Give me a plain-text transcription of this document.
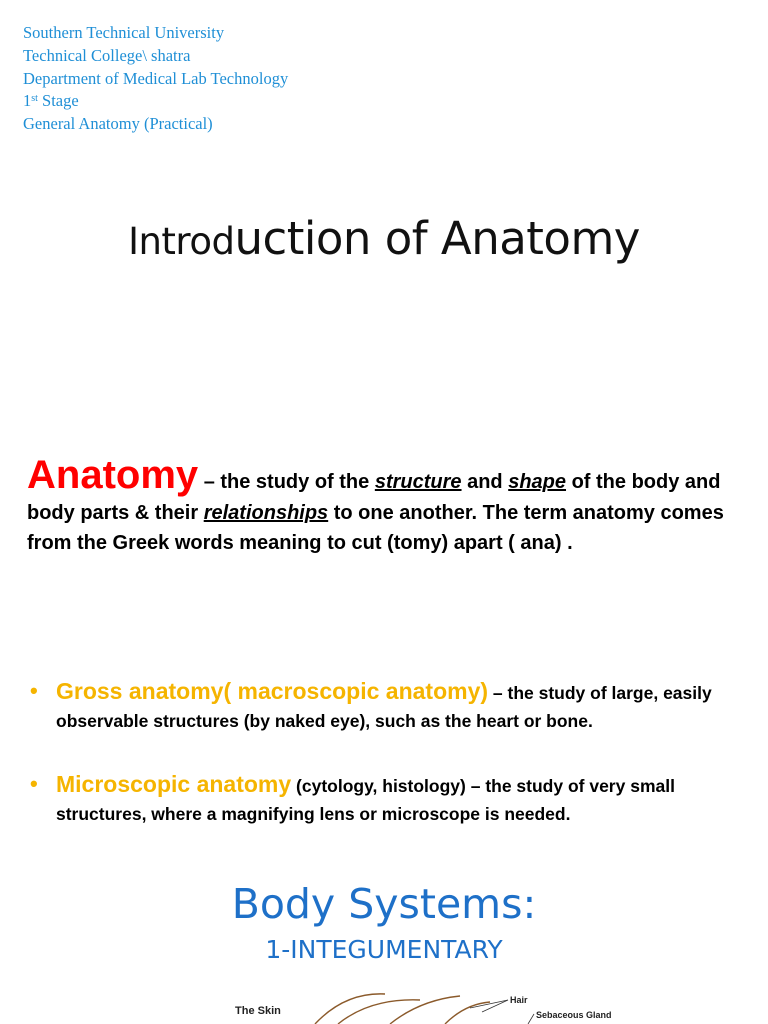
Southern Technical University
Technical College\ shatra
Department of Medical Lab Technology
1st Stage
General Anatomy (Practical)
Introduction of Anatomy
Anatomy – the study of the structure and shape of the body and body parts & their relationships to one another. The term anatomy comes from the Greek words meaning to cut (tomy) apart ( ana) .
• Gross anatomy( macroscopic anatomy) – the study of large, easily observable structures (by naked eye), such as the heart or bone.
• Microscopic anatomy (cytology, histology) – the study of very small structures, where a magnifying lens or microscope is needed.
Body Systems:
1-INTEGUMENTARY
The Skin
Hair
Sebaceous Gland
